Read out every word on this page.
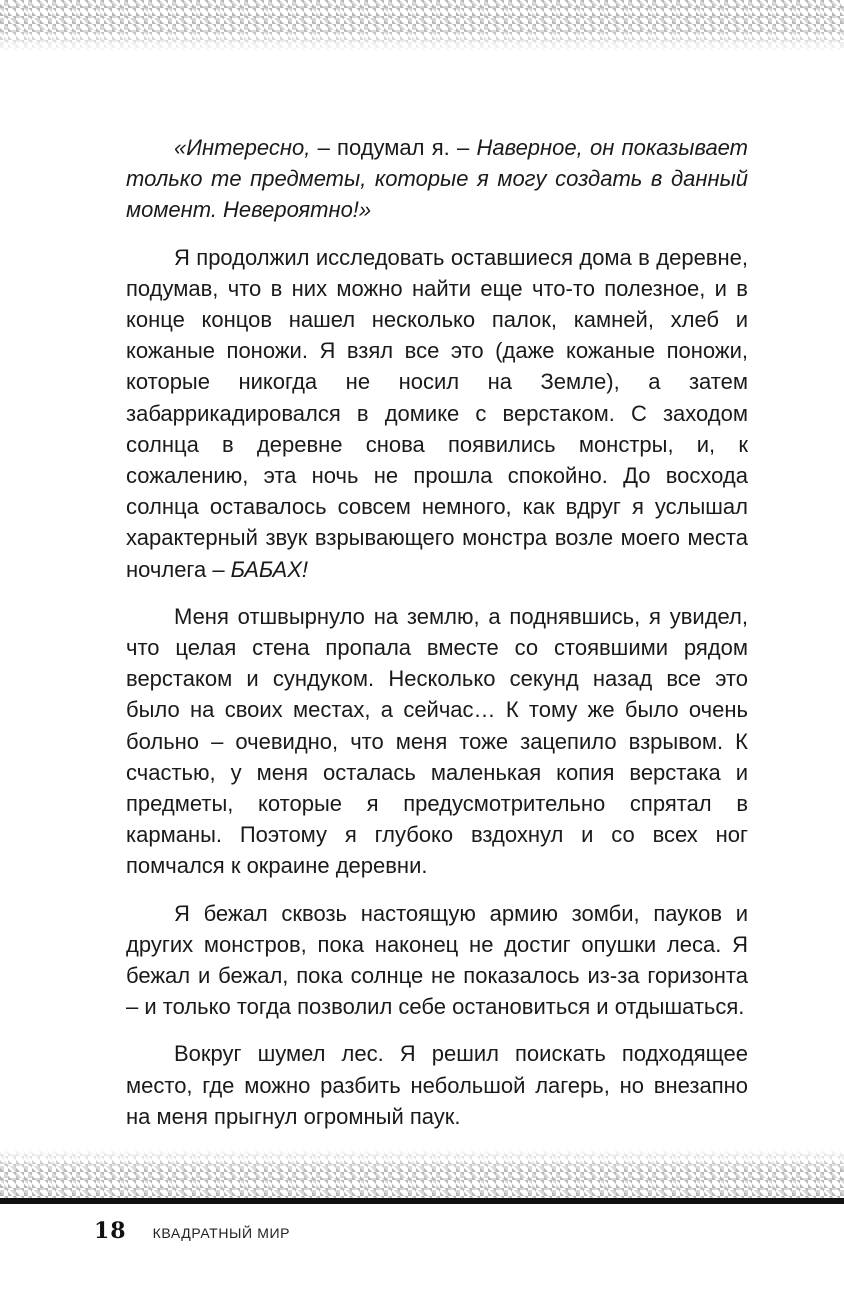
«Интересно, – подумал я. – Наверное, он показывает только те предметы, которые я могу создать в данный момент. Невероятно!»

Я продолжил исследовать оставшиеся дома в деревне, подумав, что в них можно найти еще что-то полезное, и в конце концов нашел несколько палок, камней, хлеб и кожаные поножи. Я взял все это (даже кожаные поножи, которые никогда не носил на Земле), а затем забаррикадировался в домике с верстаком. С заходом солнца в деревне снова появились монстры, и, к сожалению, эта ночь не прошла спокойно. До восхода солнца оставалось совсем немного, как вдруг я услышал характерный звук взрывающего монстра возле моего места ночлега – БАБАХ!

Меня отшвырнуло на землю, а поднявшись, я увидел, что целая стена пропала вместе со стоявшими рядом верстаком и сундуком. Несколько секунд назад все это было на своих местах, а сейчас… К тому же было очень больно – очевидно, что меня тоже зацепило взрывом. К счастью, у меня осталась маленькая копия верстака и предметы, которые я предусмотрительно спрятал в карманы. Поэтому я глубоко вздохнул и со всех ног помчался к окраине деревни.

Я бежал сквозь настоящую армию зомби, пауков и других монстров, пока наконец не достиг опушки леса. Я бежал и бежал, пока солнце не показалось из-за горизонта – и только тогда позволил себе остановиться и отдышаться.

Вокруг шумел лес. Я решил поискать подходящее место, где можно разбить небольшой лагерь, но внезапно на меня прыгнул огромный паук.

18 КВАДРАТНЫЙ МИР
